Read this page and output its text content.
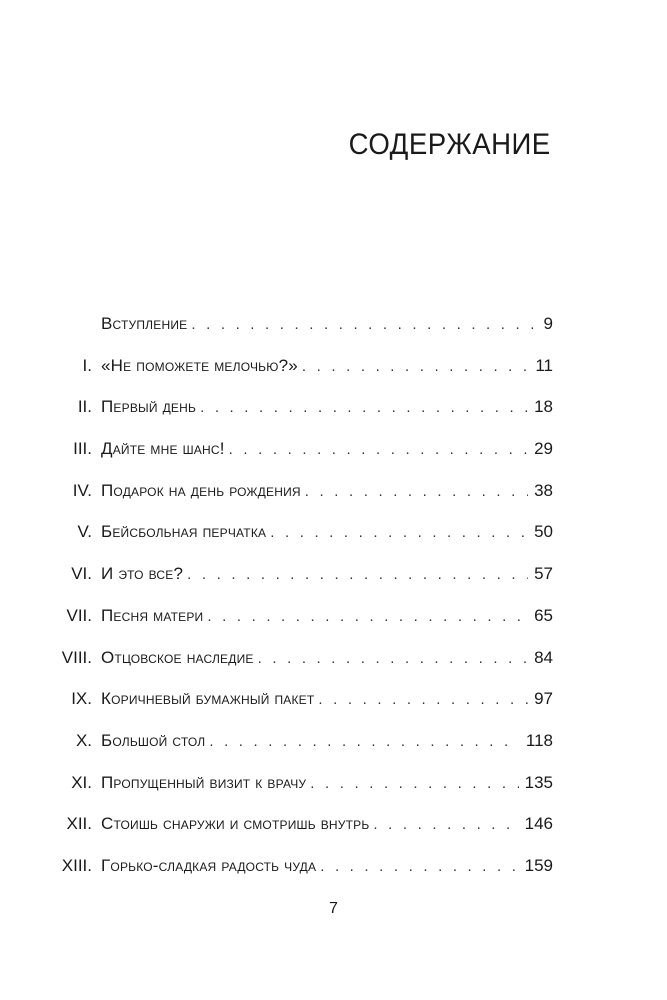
СОДЕРЖАНИЕ
Вступление . . .	9
I. «Не поможете мелочью?» . . .	11
II. Первый день . . .	18
III. Дайте мне шанс! . . .	29
IV. Подарок на день рождения . . .	38
V. Бейсбольная перчатка . . .	50
VI. И это все? . . .	57
VII. Песня матери . . .	65
VIII. Отцовское наследие . . .	84
IX. Коричневый бумажный пакет . . .	97
X. Большой стол . . .	118
XI. Пропущенный визит к врачу . . .	135
XII. Стоишь снаружи и смотришь внутрь . . .	146
XIII. Горько-сладкая радость чуда . . .	159
7
